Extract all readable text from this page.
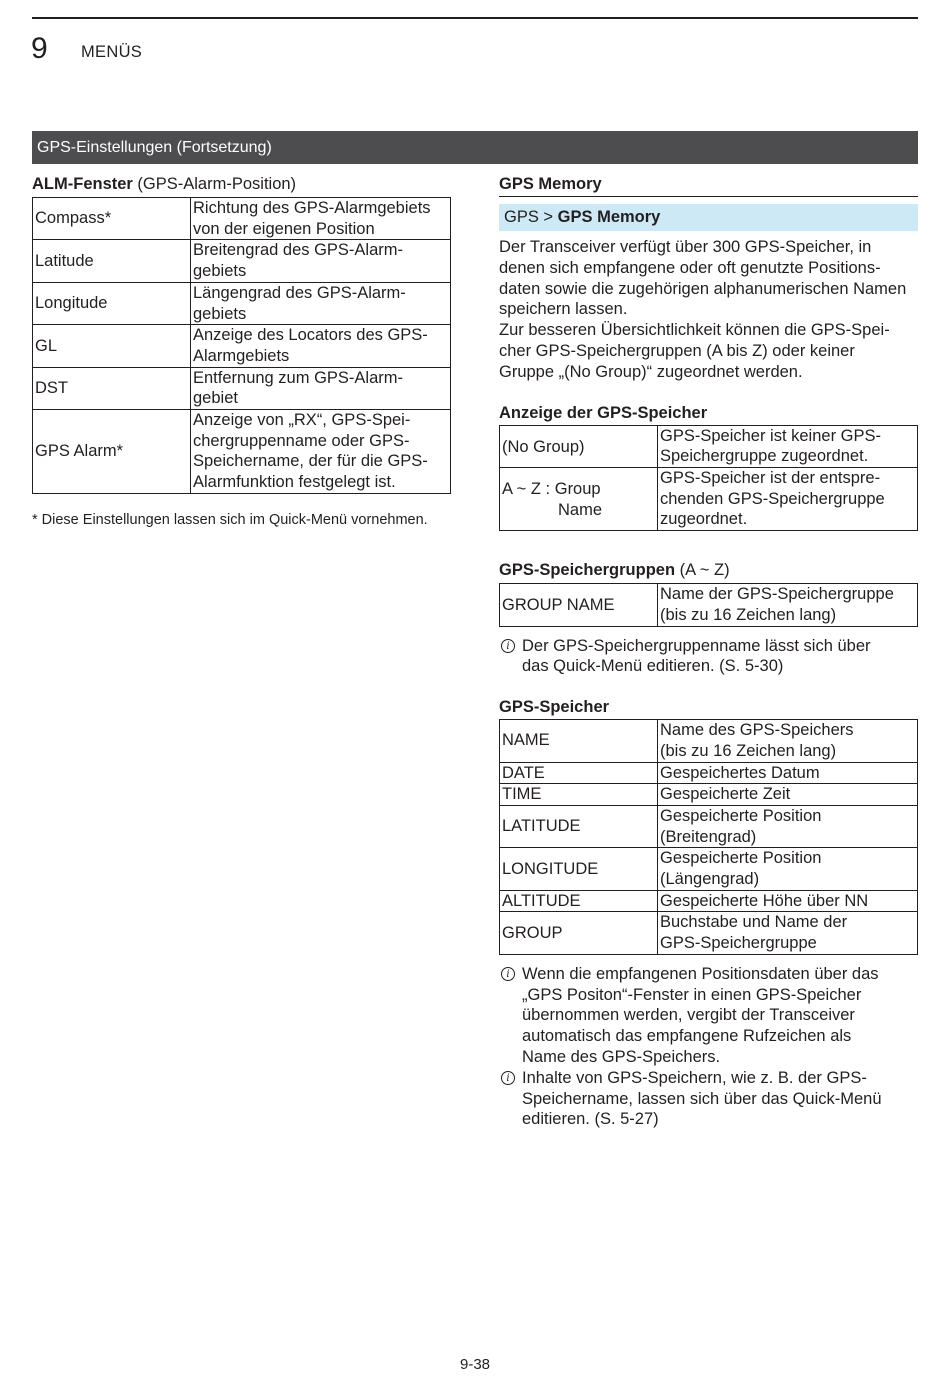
9 MENÜS
GPS-Einstellungen (Fortsetzung)

ALM-Fenster (GPS-Alarm-Position)

Compass*	Richtung des GPS-Alarmgebiets
von der eigenen Position
Latitude	Breitengrad des GPS-Alarm-
gebiets
Longitude	Längengrad des GPS-Alarm-
gebiets
GL	Anzeige des Locators des GPS-
Alarmgebiets
DST	Entfernung zum GPS-Alarm-
gebiet
GPS Alarm*	Anzeige von „RX“, GPS-Spei-
chergruppenname oder GPS-
Speichername, der für die GPS-
Alarmfunktion festgelegt ist.
* Diese Einstellungen lassen sich im Quick-Menü vornehmen.
GPS Memory
GPS > GPS Memory

Der Transceiver verfügt über 300 GPS-Speicher, in

denen sich empfangene oder oft genutzte Positions-

daten sowie die zugehörigen alphanumerischen Namen

speichern lassen.

Zur besseren Übersichtlichkeit können die GPS-Spei-

cher GPS-Speichergruppen (A bis Z) oder keiner

Gruppe „(No Group)“ zugeordnet werden.

Anzeige der GPS-Speicher

(No Group)	GPS-Speicher ist keiner GPS-
Speichergruppe zugeordnet.
A ~ Z : Group
Name	GPS-Speicher ist der entspre-
chenden GPS-Speichergruppe
zugeordnet.

GPS-Speichergruppen (A ~ Z)

GROUP NAME	Name der GPS-Speichergruppe
(bis zu 16 Zeichen lang)
i Der GPS-Speichergruppenname lässt sich über
das Quick-Menü editieren. (S. 5-30)

GPS-Speicher

NAME	Name des GPS-Speichers
(bis zu 16 Zeichen lang)
DATE	Gespeichertes Datum
TIME	Gespeicherte Zeit
LATITUDE	Gespeicherte Position
(Breitengrad)
LONGITUDE	Gespeicherte Position
(Längengrad)
ALTITUDE	Gespeicherte Höhe über NN
GROUP	Buchstabe und Name der
GPS-Speichergruppe
i Wenn die empfangenen Positionsdaten über das
„GPS Positon“-Fenster in einen GPS-Speicher
übernommen werden, vergibt der Transceiver
automatisch das empfangene Rufzeichen als
Name des GPS-Speichers.
i Inhalte von GPS-Speichern, wie z. B. der GPS-
Speichername, lassen sich über das Quick-Menü
editieren. (S. 5-27)
9-38
